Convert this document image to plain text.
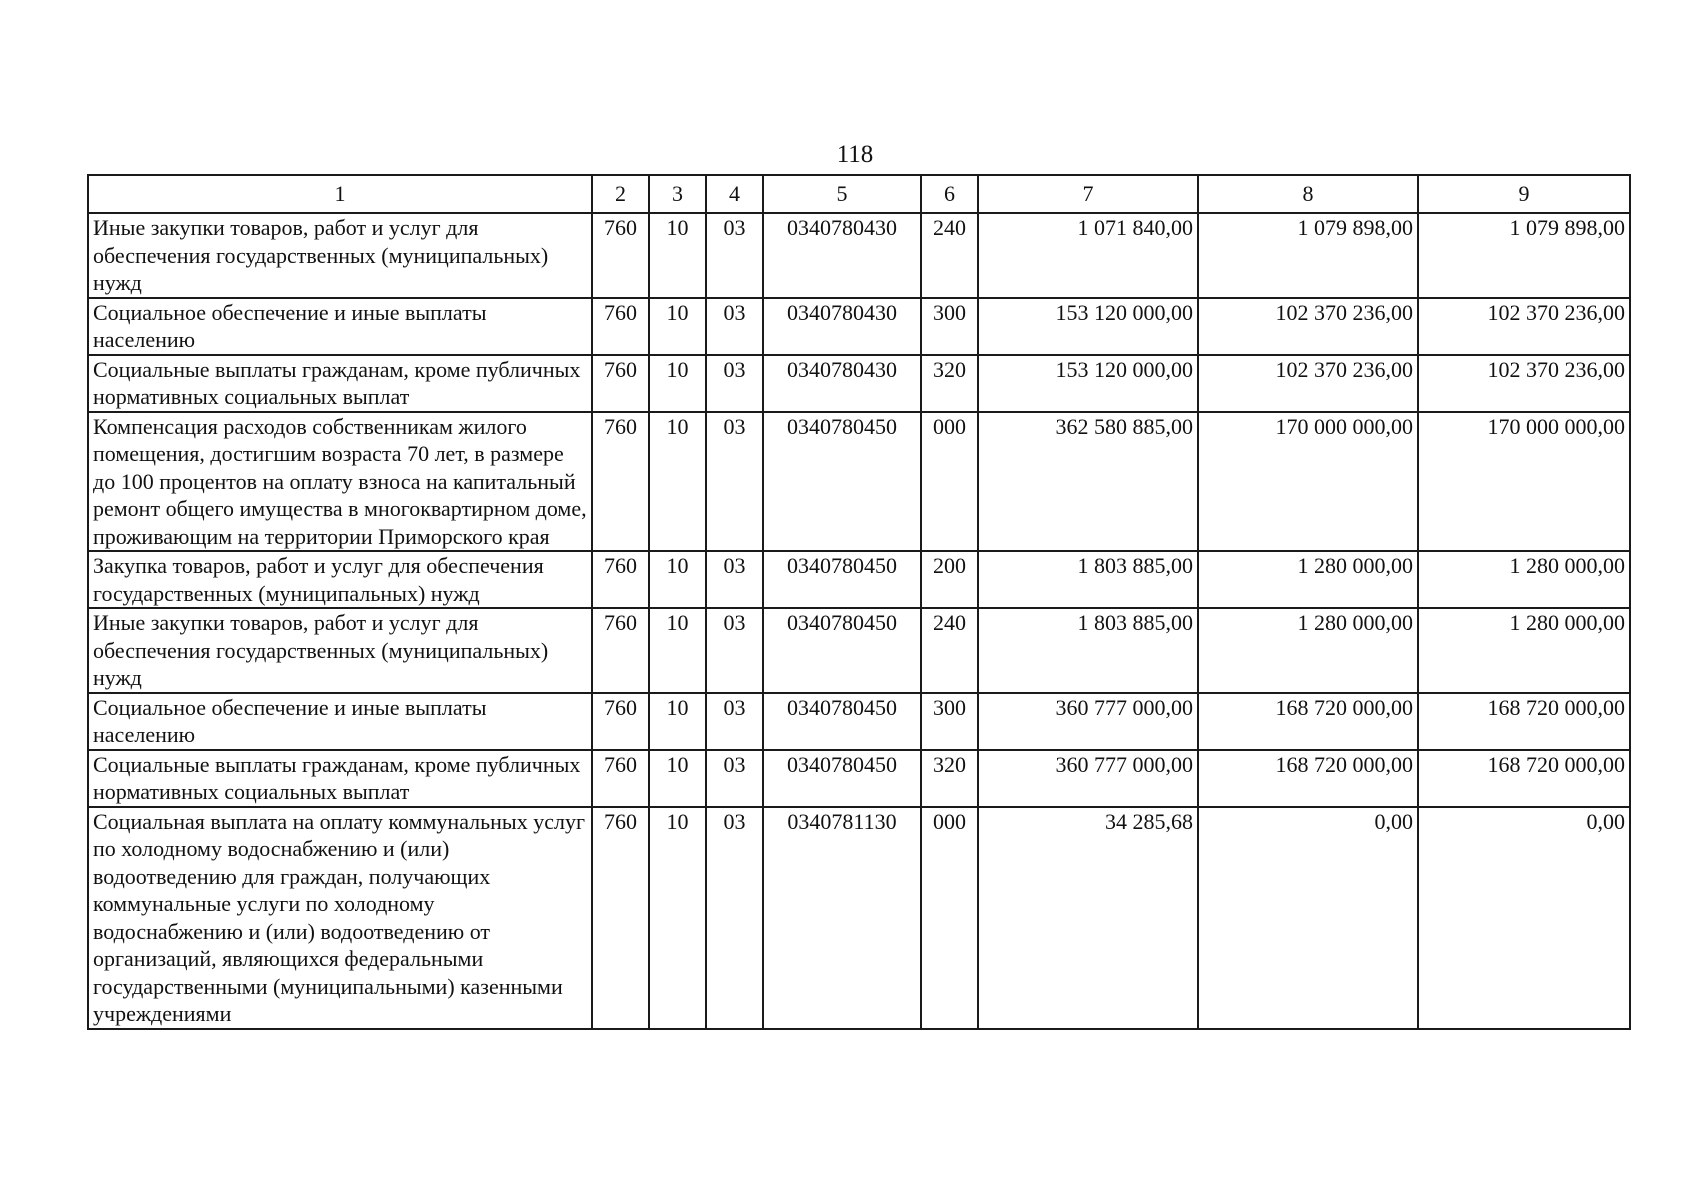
118
1	2	3	4	5	6	7	8	9
Иные закупки товаров, работ и услуг для обеспечения государственных (муниципальных) нужд	760	10	03	0340780430	240	1 071 840,00	1 079 898,00	1 079 898,00
Социальное обеспечение и иные выплаты населению	760	10	03	0340780430	300	153 120 000,00	102 370 236,00	102 370 236,00
Социальные выплаты гражданам, кроме публичных нормативных социальных выплат	760	10	03	0340780430	320	153 120 000,00	102 370 236,00	102 370 236,00
Компенсация расходов собственникам жилого помещения, достигшим возраста 70 лет, в размере до 100 процентов на оплату взноса на капитальный ремонт общего имущества в многоквартирном доме, проживающим на территории Приморского края	760	10	03	0340780450	000	362 580 885,00	170 000 000,00	170 000 000,00
Закупка товаров, работ и услуг для обеспечения государственных (муниципальных) нужд	760	10	03	0340780450	200	1 803 885,00	1 280 000,00	1 280 000,00
Иные закупки товаров, работ и услуг для обеспечения государственных (муниципальных) нужд	760	10	03	0340780450	240	1 803 885,00	1 280 000,00	1 280 000,00
Социальное обеспечение и иные выплаты населению	760	10	03	0340780450	300	360 777 000,00	168 720 000,00	168 720 000,00
Социальные выплаты гражданам, кроме публичных нормативных социальных выплат	760	10	03	0340780450	320	360 777 000,00	168 720 000,00	168 720 000,00
Социальная выплата на оплату коммунальных услуг по холодному водоснабжению и (или) водоотведению для граждан, получающих коммунальные услуги по холодному водоснабжению и (или) водоотведению от организаций, являющихся федеральными государственными (муниципальными) казенными учреждениями	760	10	03	0340781130	000	34 285,68	0,00	0,00
